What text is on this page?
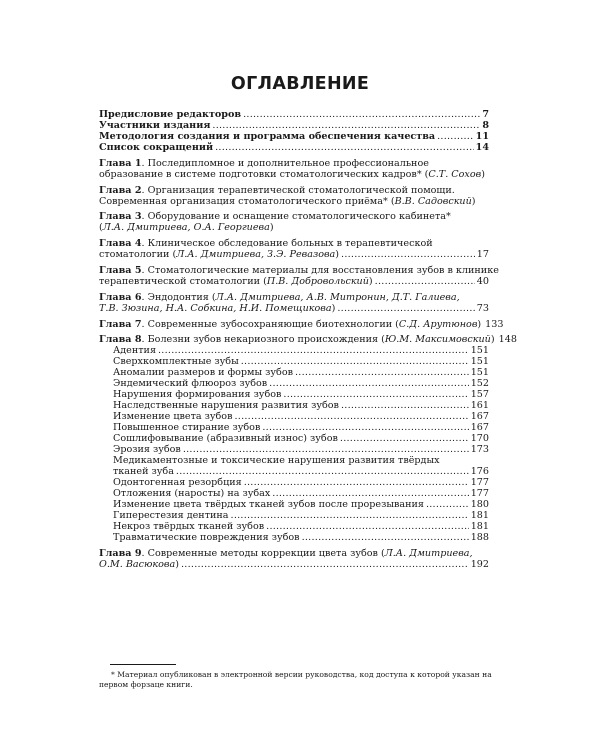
ОГЛАВЛЕНИЕ
Предисловие редакторов . . .	7
Участники издания . . .	8
Методология создания и программа обеспечения качества . . .	11
Список сокращений . . .	14
Глава 1. Последипломное и дополнительное профессиональное
образование в системе подготовки стоматологических кадров* (С.Т. Сохов)
Глава 2. Организация терапевтической стоматологической помощи.
Современная организация стоматологического приёма* (В.В. Садовский)
Глава 3. Оборудование и оснащение стоматологического кабинета*
(Л.А. Дмитриева, О.А. Георгиева)
Глава 4. Клиническое обследование больных в терапевтической
стоматологии (Л.А. Дмитриева, З.Э. Ревазова) . . .	17
Глава 5. Стоматологические материалы для восстановления зубов в клинике
терапевтической стоматологии (П.В. Добровольский) . . .	40
Глава 6. Эндодонтия (Л.А. Дмитриева, А.В. Митронин, Д.Т. Галиева,
Т.В. Зюзина, Н.А. Собкина, Н.И. Помещикова) . . .	73
Глава 7. Современные зубосохраняющие биотехнологии (С.Д. Арутюнов) 133
Глава 8. Болезни зубов некариозного происхождения (Ю.М. Максимовский) 148
Адентия . . .	151
Сверхкомплектные зубы . . .	151
Аномалии размеров и формы зубов . . .	151
Эндемический флюороз зубов . . .	152
Нарушения формирования зубов . . .	157
Наследственные нарушения развития зубов . . .	161
Изменение цвета зубов . . .	167
Повышенное стирание зубов . . .	167
Сошлифовывание (абразивный износ) зубов . . .	170
Эрозия зубов . . .	173
Медикаментозные и токсические нарушения развития твёрдых
тканей зуба . . .	176
Одонтогенная резорбция . . .	177
Отложения (наросты) на зубах . . .	177
Изменение цвета твёрдых тканей зубов после прорезывания . . .	180
Гиперестезия дентина . . .	181
Некроз твёрдых тканей зубов . . .	181
Травматические повреждения зубов . . .	188
Глава 9. Современные методы коррекции цвета зубов (Л.А. Дмитриева,
О.М. Васюкова) . . .	192
* Материал опубликован в электронной версии руководства, код доступа к которой указан на первом форзаце книги.
